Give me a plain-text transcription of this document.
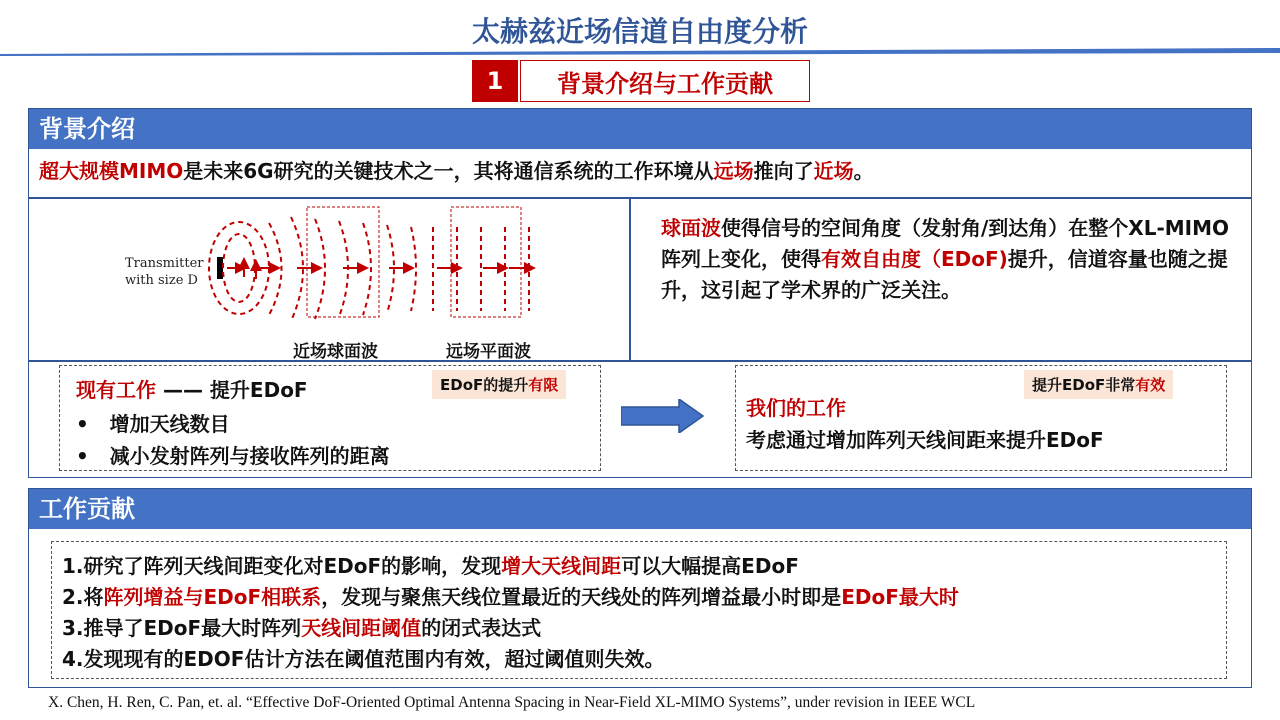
太赫兹近场信道自由度分析
1	背景介绍与工作贡献
背景介绍
超大规模MIMO是未来6G研究的关键技术之一，其将通信系统的工作环境从远场推向了近场。
Transmitter
with size D
近场球面波	远场平面波
球面波使得信号的空间角度（发射角/到达角）在整个XL-MIMO阵列上变化，使得有效自由度（EDoF)提升，信道容量也随之提升，这引起了学术界的广泛关注。
现有工作 —— 提升EDoF	EDoF的提升有限
•   增加天线数目
•   减小发射阵列与接收阵列的距离
我们的工作
考虑通过增加阵列天线间距来提升EDoF
提升EDoF非常有效
工作贡献
1.研究了阵列天线间距变化对EDoF的影响，发现增大天线间距可以大幅提高EDoF
2.将阵列增益与EDoF相联系，发现与聚焦天线位置最近的天线处的阵列增益最小时即是EDoF最大时
3.推导了EDoF最大时阵列天线间距阈值的闭式表达式
4.发现现有的EDOF估计方法在阈值范围内有效，超过阈值则失效。
X. Chen, H. Ren, C. Pan, et. al. “Effective DoF-Oriented Optimal Antenna Spacing in Near-Field XL-MIMO Systems”, under revision in IEEE WCL
